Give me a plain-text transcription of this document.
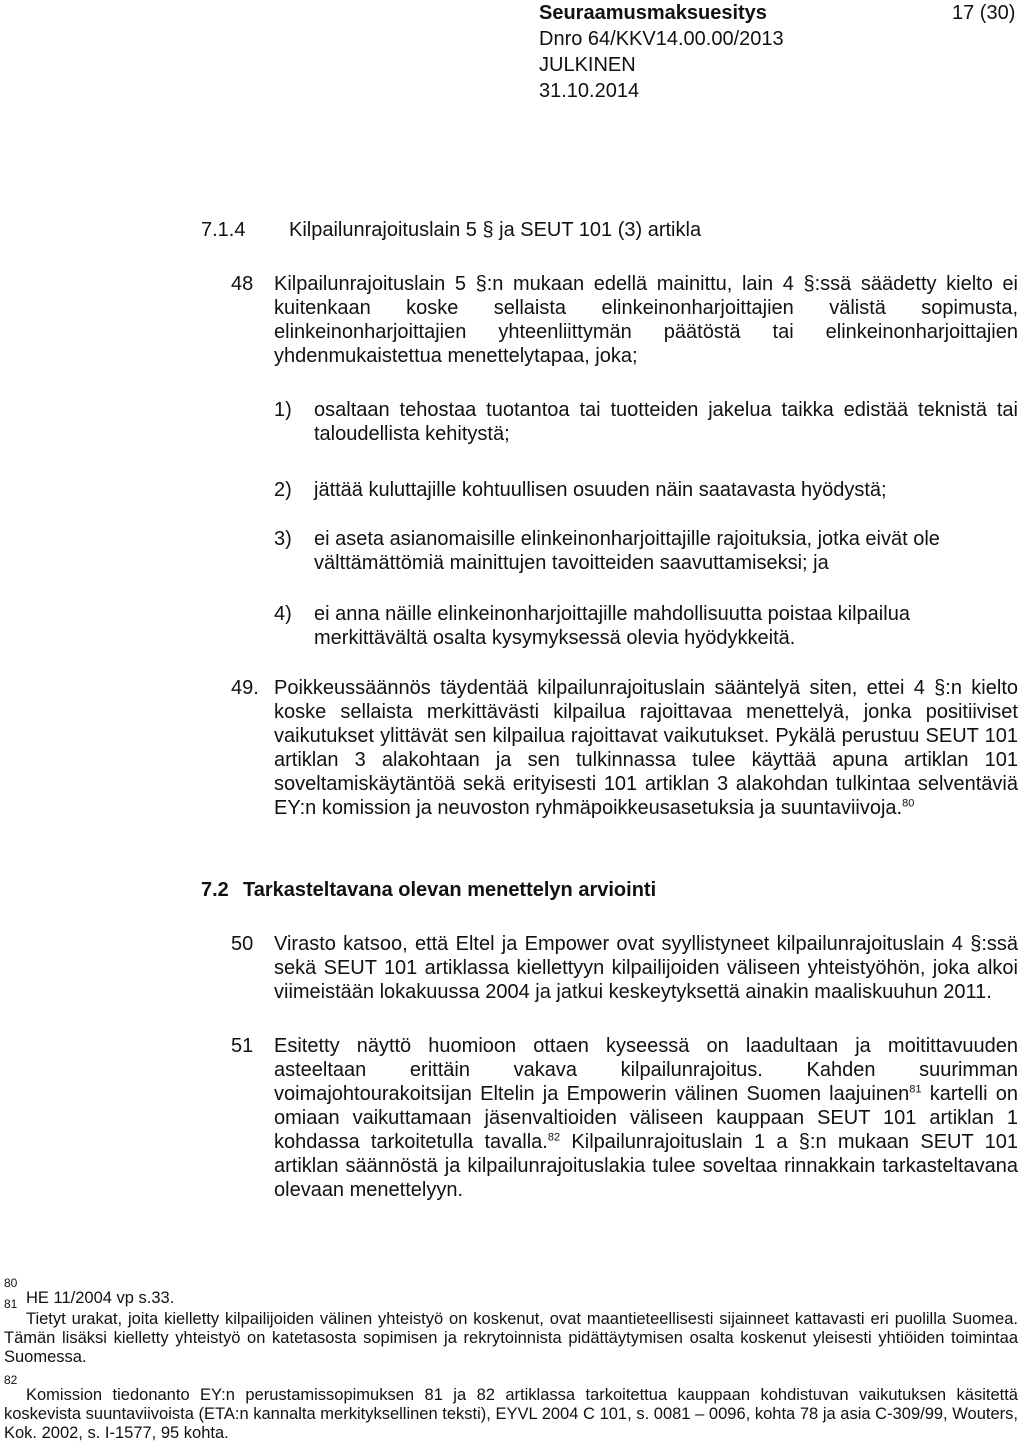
Seuraamusmaksuesitys
Dnro 64/KKV14.00.00/2013
JULKINEN
31.10.2014
17 (30)
7.1.4 Kilpailunrajoituslain 5 § ja SEUT 101 (3) artikla
48 Kilpailunrajoituslain 5 §:n mukaan edellä mainittu, lain 4 §:ssä säädetty kielto ei kuitenkaan koske sellaista elinkeinonharjoittajien välistä sopimusta, elinkeinonharjoittajien yhteenliittymän päätöstä tai elinkeinonharjoittajien yhdenmukaistettua menettelytapaa, joka;
1) osaltaan tehostaa tuotantoa tai tuotteiden jakelua taikka edistää teknistä tai taloudellista kehitystä;
2) jättää kuluttajille kohtuullisen osuuden näin saatavasta hyödystä;
3) ei aseta asianomaisille elinkeinonharjoittajille rajoituksia, jotka eivät ole välttämättömiä mainittujen tavoitteiden saavuttamiseksi; ja
4) ei anna näille elinkeinonharjoittajille mahdollisuutta poistaa kilpailua merkittävältä osalta kysymyksessä olevia hyödykkeitä.
49. Poikkeussäännös täydentää kilpailunrajoituslain sääntelyä siten, ettei 4 §:n kielto koske sellaista merkittävästi kilpailua rajoittavaa menettelyä, jonka positiiviset vaikutukset ylittävät sen kilpailua rajoittavat vaikutukset. Pykälä perustuu SEUT 101 artiklan 3 alakohtaan ja sen tulkinnassa tulee käyttää apuna artiklan 101 soveltamiskäytäntöä sekä erityisesti 101 artiklan 3 alakohdan tulkintaa selventäviä EY:n komission ja neuvoston ryhmäpoikkeusasetuksia ja suuntaviivoja.$^{80}$
7.2 Tarkasteltavana olevan menettelyn arviointi
50 Virasto katsoo, että Eltel ja Empower ovat syyllistyneet kilpailunrajoituslain 4 §:ssä sekä SEUT 101 artiklassa kiellettyyn kilpailijoiden väliseen yhteistyöhön, joka alkoi viimeistään lokakuussa 2004 ja jatkui keskeytyksettä ainakin maaliskuuhun 2011.
51 Esitetty näyttö huomioon ottaen kyseessä on laadultaan ja moitittavuuden asteeltaan erittäin vakava kilpailunrajoitus. Kahden suurimman voimajohtourakoitsijan Eltelin ja Empowerin välinen Suomen laajuinen$^{81}$ kartelli on omiaan vaikuttamaan jäsenvaltioiden väliseen kauppaan SEUT 101 artiklan 1 kohdassa tarkoitetulla tavalla.$^{82}$ Kilpailunrajoituslain 1 a §:n mukaan SEUT 101 artiklan säännöstä ja kilpailunrajoituslakia tulee soveltaa rinnakkain tarkasteltavana olevaan menettelyyn.
80
HE 11/2004 vp s.33.
81
Tietyt urakat, joita kielletty kilpailijoiden välinen yhteistyö on koskenut, ovat maantieteellisesti sijainneet kattavasti eri puolilla Suomea. Tämän lisäksi kielletty yhteistyö on katetasosta sopimisen ja rekrytoinnista pidättäytymisen osalta koskenut yleisesti yhtiöiden toimintaa Suomessa.
82
Komission tiedonanto EY:n perustamissopimuksen 81 ja 82 artiklassa tarkoitettua kauppaan kohdistuvan vaikutuksen käsitettä koskevista suuntaviivoista (ETA:n kannalta merkityksellinen teksti), EYVL 2004 C 101, s. 0081 – 0096, kohta 78 ja asia C-309/99, Wouters, Kok. 2002, s. I-1577, 95 kohta.
